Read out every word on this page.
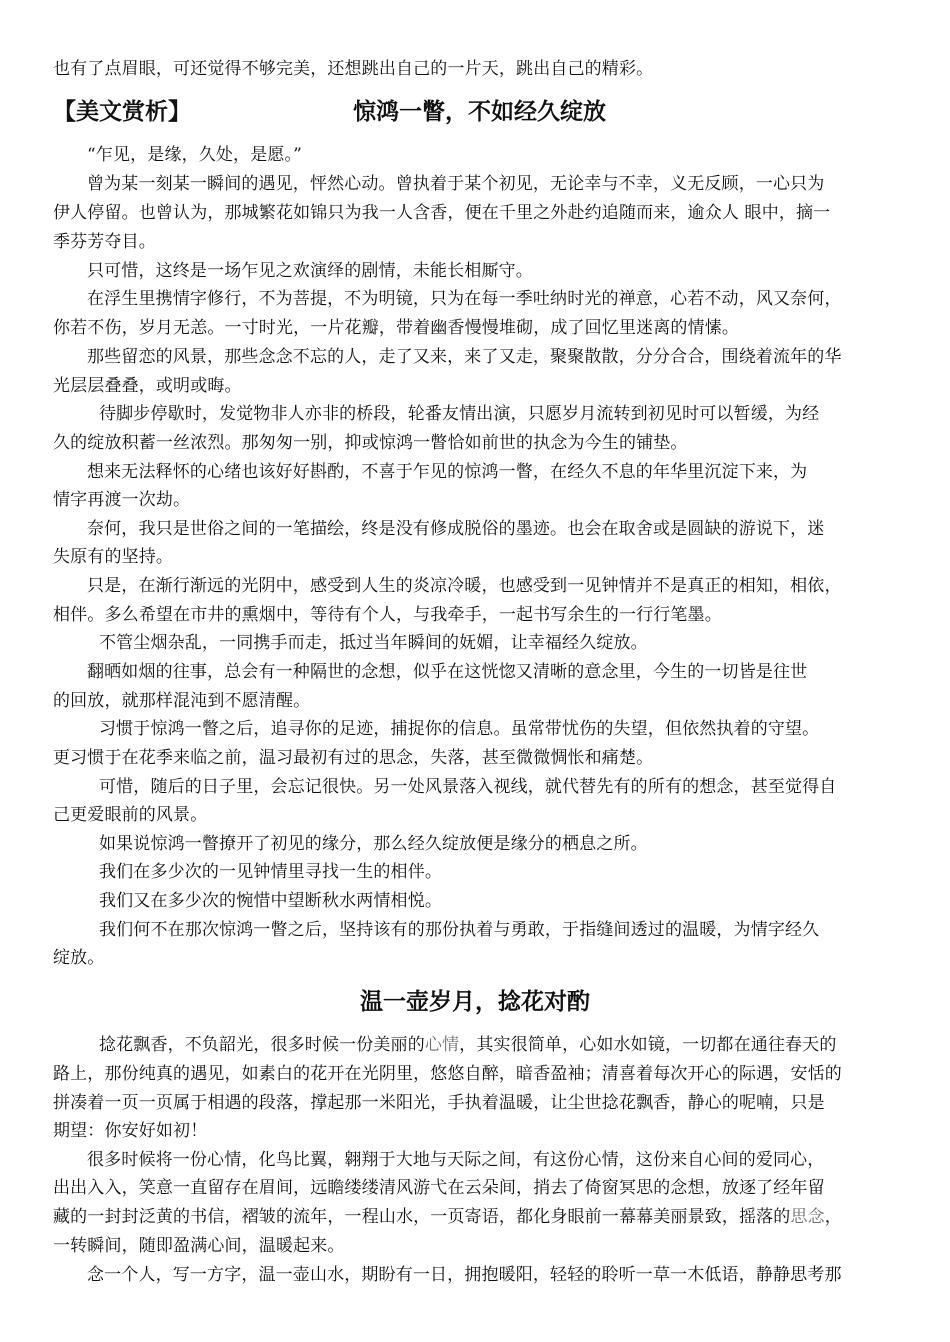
也有了点眉眼，可还觉得不够完美，还想跳出自己的一片天，跳出自己的精彩。
【美文赏析】	惊鸿一瞥，不如经久绽放
“乍见，是缘，久处，是愿。”
曾为某一刻某一瞬间的遇见，怦然心动。曾执着于某个初见，无论幸与不幸，义无反顾，一心只为
伊人停留。也曾认为，那城繁花如锦只为我一人含香，便在千里之外赴约追随而来，逾众人 眼中，摘一
季芬芳夺目。
只可惜，这终是一场乍见之欢演绎的剧情，未能长相厮守。
在浮生里携情字修行，不为菩提，不为明镜，只为在每一季吐纳时光的禅意，心若不动，风又奈何，
你若不伤，岁月无恙。一寸时光，一片花瓣，带着幽香慢慢堆砌，成了回忆里迷离的情愫。
那些留恋的风景，那些念念不忘的人，走了又来，来了又走，聚聚散散，分分合合，围绕着流年的华
光层层叠叠，或明或晦。
待脚步停歇时，发觉物非人亦非的桥段，轮番友情出演，只愿岁月流转到初见时可以暂缓，为经
久的绽放积蓄一丝浓烈。那匆匆一别，抑或惊鸿一瞥恰如前世的执念为今生的铺垫。
想来无法释怀的心绪也该好好斟酌，不喜于乍见的惊鸿一瞥，在经久不息的年华里沉淀下来，为
情字再渡一次劫。
奈何，我只是世俗之间的一笔描绘，终是没有修成脱俗的墨迹。也会在取舍或是圆缺的游说下，迷
失原有的坚持。
只是，在渐行渐远的光阴中，感受到人生的炎凉冷暖，也感受到一见钟情并不是真正的相知，相依，
相伴。多么希望在市井的熏烟中，等待有个人，与我牵手，一起书写余生的一行行笔墨。
不管尘烟杂乱，一同携手而走，抵过当年瞬间的妩媚，让幸福经久绽放。
翻晒如烟的往事，总会有一种隔世的念想，似乎在这恍惚又清晰的意念里，今生的一切皆是往世
的回放，就那样混沌到不愿清醒。
习惯于惊鸿一瞥之后，追寻你的足迹，捕捉你的信息。虽常带忧伤的失望，但依然执着的守望。
更习惯于在花季来临之前，温习最初有过的思念，失落，甚至微微惆怅和痛楚。
可惜，随后的日子里，会忘记很快。另一处风景落入视线，就代替先有的所有的想念，甚至觉得自
己更爱眼前的风景。
如果说惊鸿一瞥撩开了初见的缘分，那么经久绽放便是缘分的栖息之所。
我们在多少次的一见钟情里寻找一生的相伴。
我们又在多少次的惋惜中望断秋水两情相悦。
我们何不在那次惊鸿一瞥之后，坚持该有的那份执着与勇敢，于指缝间透过的温暖，为情字经久
绽放。
温一壶岁月，捻花对酌
捻花飘香，不负韶光，很多时候一份美丽的心情，其实很简单，心如水如镜，一切都在通往春天的
路上，那份纯真的遇见，如素白的花开在光阴里，悠悠自醉，暗香盈袖；清喜着每次开心的际遇，安恬的
拼凑着一页一页属于相遇的段落，撑起那一米阳光，手执着温暖，让尘世捻花飘香，静心的呢喃，只是
期望：你安好如初！
很多时候将一份心情，化鸟比翼，翱翔于大地与天际之间，有这份心情，这份来自心间的爱同心，
出出入入，笑意一直留存在眉间，远瞻缕缕清风游弋在云朵间，捎去了倚窗冥思的念想，放逐了经年留
藏的一封封泛黄的书信，褶皱的流年，一程山水，一页寄语，都化身眼前一幕幕美丽景致，摇落的思念，
一转瞬间，随即盈满心间，温暖起来。
念一个人，写一方字，温一壶山水，期盼有一日，拥抱暖阳，轻轻的聆听一草一木低语，静静思考那
